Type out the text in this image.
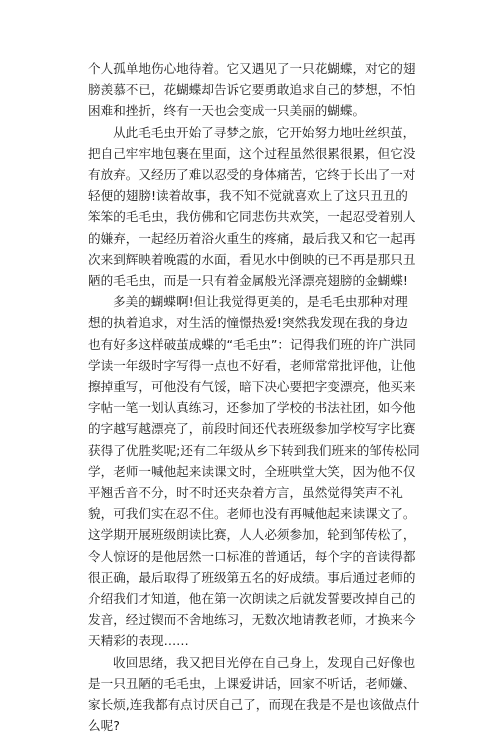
个人孤单地伤心地待着。它又遇见了一只花蝴蝶，对它的翅膀羡慕不已，花蝴蝶却告诉它要勇敢追求自己的梦想，不怕困难和挫折，终有一天也会变成一只美丽的蝴蝶。

从此毛毛虫开始了寻梦之旅，它开始努力地吐丝织茧，把自己牢牢地包裹在里面，这个过程虽然很累很累，但它没有放弃。又经历了难以忍受的身体痛苦，它终于长出了一对轻便的翅膀!读着故事，我不知不觉就喜欢上了这只丑丑的笨笨的毛毛虫，我仿佛和它同悲伤共欢笑，一起忍受着别人的嫌弃，一起经历着浴火重生的疼痛，最后我又和它一起再次来到辉映着晚霞的水面，看见水中倒映的已不再是那只丑陋的毛毛虫，而是一只有着金属般光泽漂亮翅膀的金蝴蝶!

多美的蝴蝶啊!但让我觉得更美的，是毛毛虫那种对理想的执着追求，对生活的憧憬热爱!突然我发现在我的身边也有好多这样破茧成蝶的“毛毛虫”：记得我们班的许广洪同学读一年级时字写得一点也不好看，老师常常批评他，让他擦掉重写，可他没有气馁，暗下决心要把字变漂亮，他买来字帖一笔一划认真练习，还参加了学校的书法社团，如今他的字越写越漂亮了，前段时间还代表班级参加学校写字比赛获得了优胜奖呢;还有二年级从乡下转到我们班来的邹传松同学，老师一喊他起来读课文时，全班哄堂大笑，因为他不仅平翘舌音不分，时不时还夹杂着方言，虽然觉得笑声不礼貌，可我们实在忍不住。老师也没有再喊他起来读课文了。这学期开展班级朗读比赛，人人必须参加，轮到邹传松了，令人惊讶的是他居然一口标准的普通话，每个字的音读得都很正确，最后取得了班级第五名的好成绩。事后通过老师的介绍我们才知道，他在第一次朗读之后就发誓要改掉自己的发音，经过锲而不舍地练习，无数次地请教老师，才换来今天精彩的表现……

收回思绪，我又把目光停在自己身上，发现自己好像也是一只丑陋的毛毛虫，上课爱讲话，回家不听话，老师嫌、家长烦,连我都有点讨厌自己了，而现在我是不是也该做点什么呢?
